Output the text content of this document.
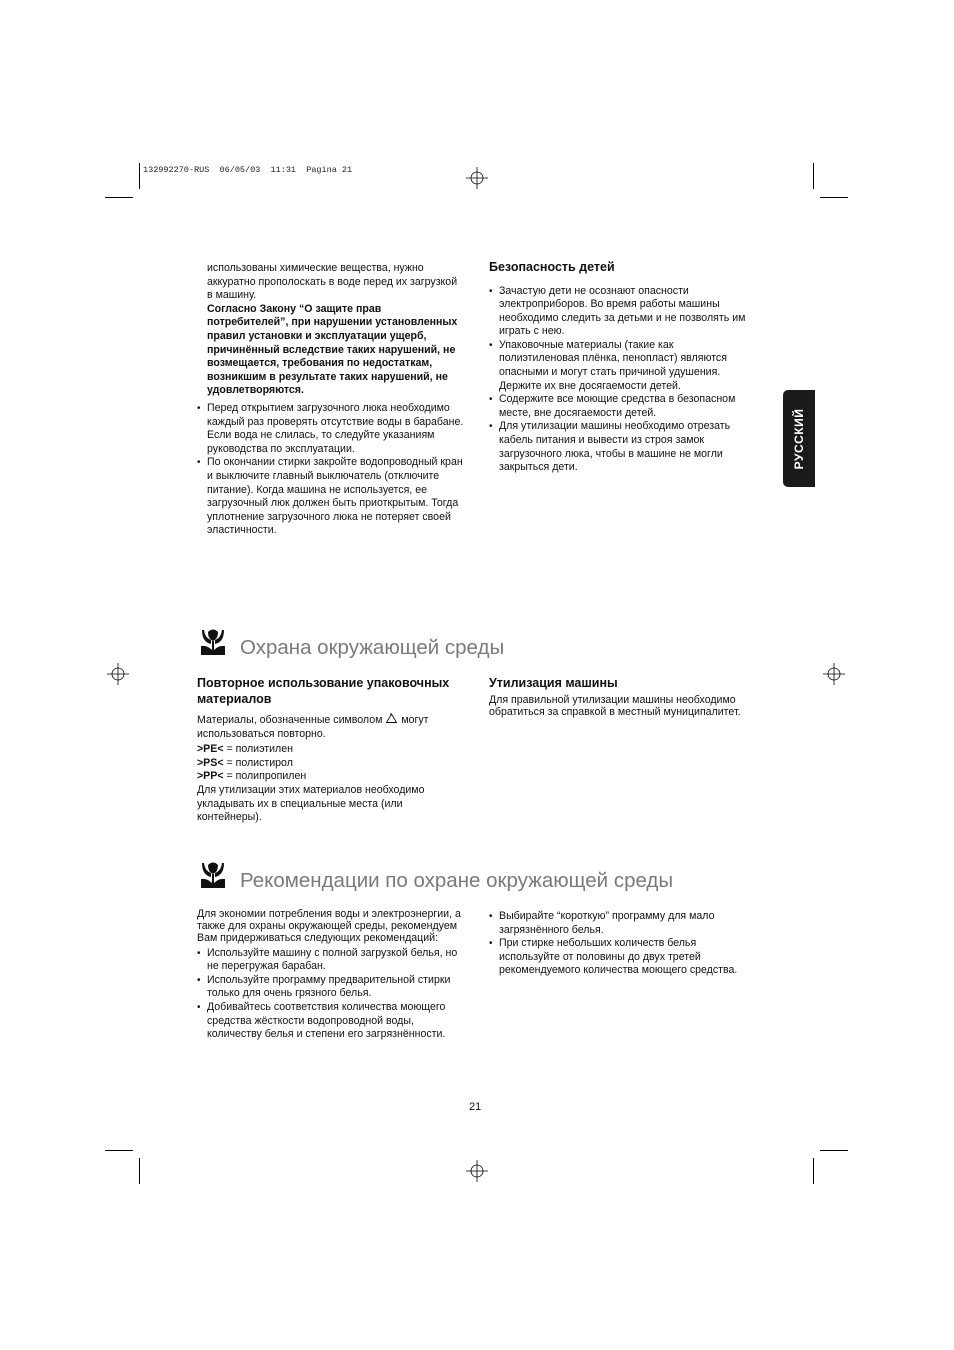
132992270-RUS  06/05/03  11:31  Pagina 21

использованы химические вещества, нужно аккуратно прополоскать в воде перед их загрузкой в машину.

Согласно Закону “О защите прав потребителей”, при нарушении установленных правил установки и эксплуатации ущерб, причинённый вследствие таких нарушений, не возмещается, требования по недостаткам, возникшим в результате таких нарушений, не удовлетворяются.

• Перед открытием загрузочного люка необходимо каждый раз проверять отсутствие воды в барабане. Если вода не слилась, то следуйте указаниям руководства по эксплуатации.

• По окончании стирки закройте водопроводный кран и выключите главный выключатель (отключите питание). Когда машина не используется, ее загрузочный люк должен быть приоткрытым. Тогда уплотнение загрузочного люка не потеряет своей эластичности.

Безопасность детей

• Зачастую дети не осознают опасности электроприборов. Во время работы машины необходимо следить за детьми и не позволять им играть с нею.

• Упаковочные материалы (такие как полиэтиленовая плёнка, пенопласт) являются опасными и могут стать причиной удушения. Держите их вне досягаемости детей.

• Содержите все моющие средства в безопасном месте, вне досягаемости детей.

• Для утилизации машины необходимо отрезать кабель питания и вывести из строя замок загрузочного люка, чтобы в машине не могли закрыться дети.	РУССКИЙ
Охрана окружающей среды

Повторное использование упаковочных материалов

Материалы, обозначенные символом могут использоваться повторно.

>PE< = полиэтилен

>PS< = полистирол

>PP< = полипропилен

Для утилизации этих материалов необходимо укладывать их в специальные места (или контейнеры).

Утилизация машины

Для правильной утилизации машины необходимо обратиться за справкой в местный муниципалитет.

Рекомендации по охране окружающей среды

Для экономии потребления воды и электроэнергии, а также для охраны окружающей среды, рекомендуем Вам придерживаться следующих рекомендаций:

• Используйте машину с полной загрузкой белья, но не перегружая барабан.

• Используйте программу предварительной стирки только для очень грязного белья.

• Добивайтесь соответствия количества моющего средства жёсткости водопроводной воды, количеству белья и степени его загрязнённости.

• Выбирайте “короткую” программу для мало загрязнённого белья.

• При стирке небольших количеств белья используйте от половины до двух третей рекомендуемого количества моющего средства.

21
